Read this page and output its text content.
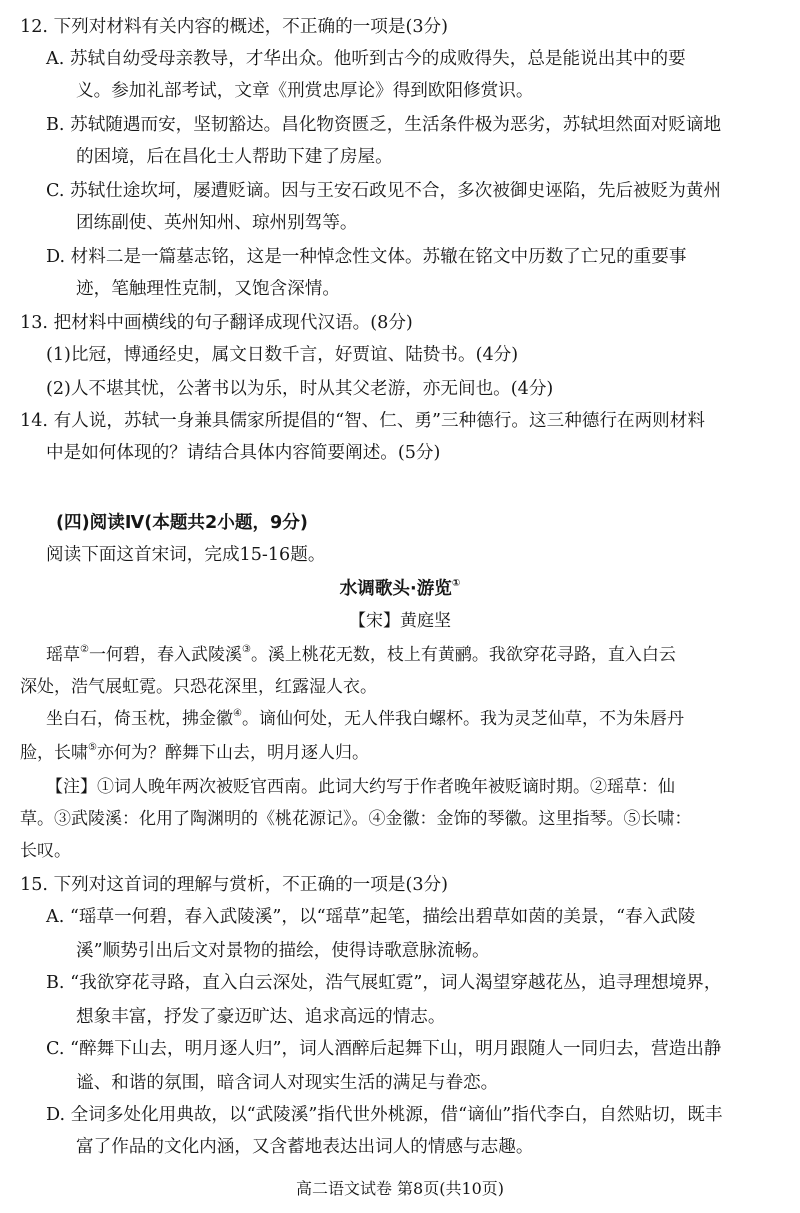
12. 下列对材料有关内容的概述，不正确的一项是(3分)
A. 苏轼自幼受母亲教导，才华出众。他听到古今的成败得失，总是能说出其中的要
义。参加礼部考试，文章《刑赏忠厚论》得到欧阳修赏识。
B. 苏轼随遇而安，坚韧豁达。昌化物资匮乏，生活条件极为恶劣，苏轼坦然面对贬谪地
的困境，后在昌化士人帮助下建了房屋。
C. 苏轼仕途坎坷，屡遭贬谪。因与王安石政见不合，多次被御史诬陷，先后被贬为黄州
团练副使、英州知州、琼州别驾等。
D. 材料二是一篇墓志铭，这是一种悼念性文体。苏辙在铭文中历数了亡兄的重要事
迹，笔触理性克制，又饱含深情。
13. 把材料中画横线的句子翻译成现代汉语。(8分)
(1)比冠，博通经史，属文日数千言，好贾谊、陆贽书。(4分)
(2)人不堪其忧，公著书以为乐，时从其父老游，亦无间也。(4分)
14. 有人说，苏轼一身兼具儒家所提倡的“智、仁、勇”三种德行。这三种德行在两则材料
中是如何体现的？请结合具体内容简要阐述。(5分)
(四)阅读Ⅳ(本题共2小题，9分)
阅读下面这首宋词，完成15-16题。
水调歌头·游览①
【宋】黄庭坚
瑶草②一何碧，春入武陵溪③。溪上桃花无数，枝上有黄鹂。我欲穿花寻路，直入白云
深处，浩气展虹霓。只恐花深里，红露湿人衣。
坐白石，倚玉枕，拂金徽④。谪仙何处，无人伴我白螺杯。我为灵芝仙草，不为朱唇丹
脸，长啸⑤亦何为？醉舞下山去，明月逐人归。
【注】①词人晚年两次被贬官西南。此词大约写于作者晚年被贬谪时期。②瑶草：仙
草。③武陵溪：化用了陶渊明的《桃花源记》。④金徽：金饰的琴徽。这里指琴。⑤长啸：
长叹。
15. 下列对这首词的理解与赏析，不正确的一项是(3分)
A. “瑶草一何碧，春入武陵溪”，以“瑶草”起笔，描绘出碧草如茵的美景，“春入武陵
溪”顺势引出后文对景物的描绘，使得诗歌意脉流畅。
B. “我欲穿花寻路，直入白云深处，浩气展虹霓”，词人渴望穿越花丛，追寻理想境界，
想象丰富，抒发了豪迈旷达、追求高远的情志。
C. “醉舞下山去，明月逐人归”，词人酒醉后起舞下山，明月跟随人一同归去，营造出静
谧、和谐的氛围，暗含词人对现实生活的满足与眷恋。
D. 全词多处化用典故，以“武陵溪”指代世外桃源，借“谪仙”指代李白，自然贴切，既丰
富了作品的文化内涵，又含蓄地表达出词人的情感与志趣。
高二语文试卷 第8页(共10页)
